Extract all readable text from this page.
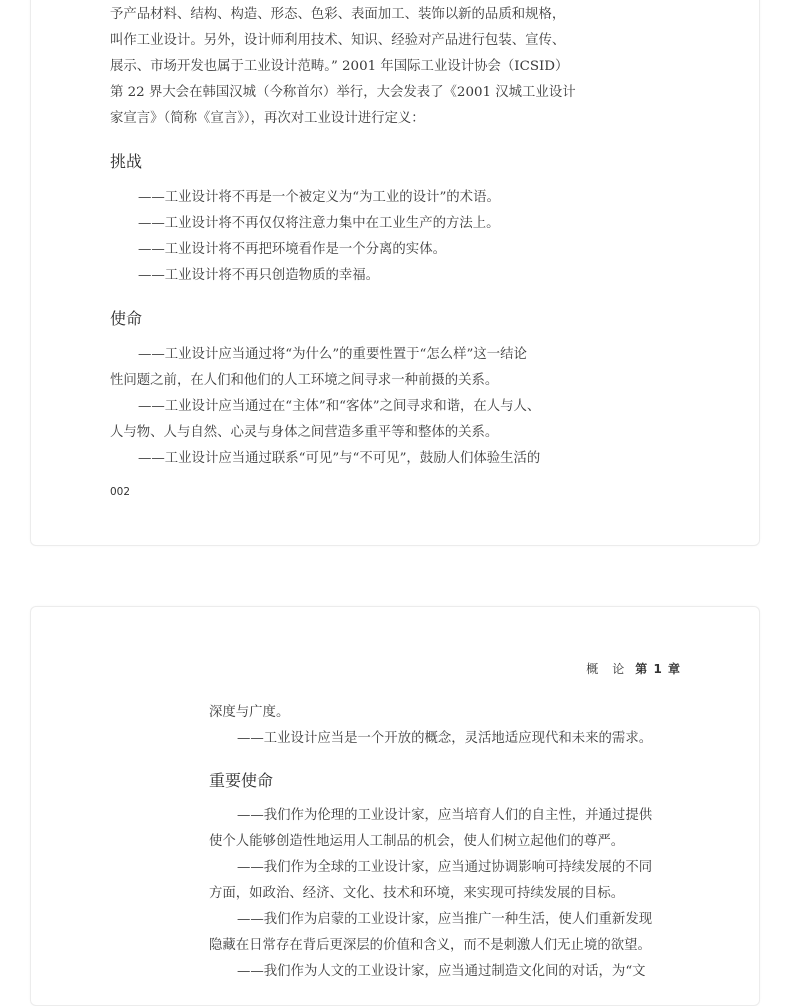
予产品材料、结构、构造、形态、色彩、表面加工、装饰以新的品质和规格，
叫作工业设计。另外，设计师利用技术、知识、经验对产品进行包装、宣传、
展示、市场开发也属于工业设计范畴。” 2001 年国际工业设计协会（ICSID）
第 22 界大会在韩国汉城（今称首尔）举行，大会发表了《2001 汉城工业设计
家宣言》（简称《宣言》），再次对工业设计进行定义：
挑战
——工业设计将不再是一个被定义为“为工业的设计”的术语。
——工业设计将不再仅仅将注意力集中在工业生产的方法上。
——工业设计将不再把环境看作是一个分离的实体。
——工业设计将不再只创造物质的幸福。
使命
——工业设计应当通过将“为什么”的重要性置于“怎么样”这一结论
性问题之前，在人们和他们的人工环境之间寻求一种前摄的关系。
——工业设计应当通过在“主体”和“客体”之间寻求和谐，在人与人、
人与物、人与自然、心灵与身体之间营造多重平等和整体的关系。
——工业设计应当通过联系“可见”与“不可见”，鼓励人们体验生活的
002
概　论 第 1 章
深度与广度。
——工业设计应当是一个开放的概念，灵活地适应现代和未来的需求。
重要使命
——我们作为伦理的工业设计家，应当培育人们的自主性，并通过提供
使个人能够创造性地运用人工制品的机会，使人们树立起他们的尊严。
——我们作为全球的工业设计家，应当通过协调影响可持续发展的不同
方面，如政治、经济、文化、技术和环境，来实现可持续发展的目标。
——我们作为启蒙的工业设计家，应当推广一种生活，使人们重新发现
隐藏在日常存在背后更深层的价值和含义，而不是刺激人们无止境的欲望。
——我们作为人文的工业设计家，应当通过制造文化间的对话，为“文
